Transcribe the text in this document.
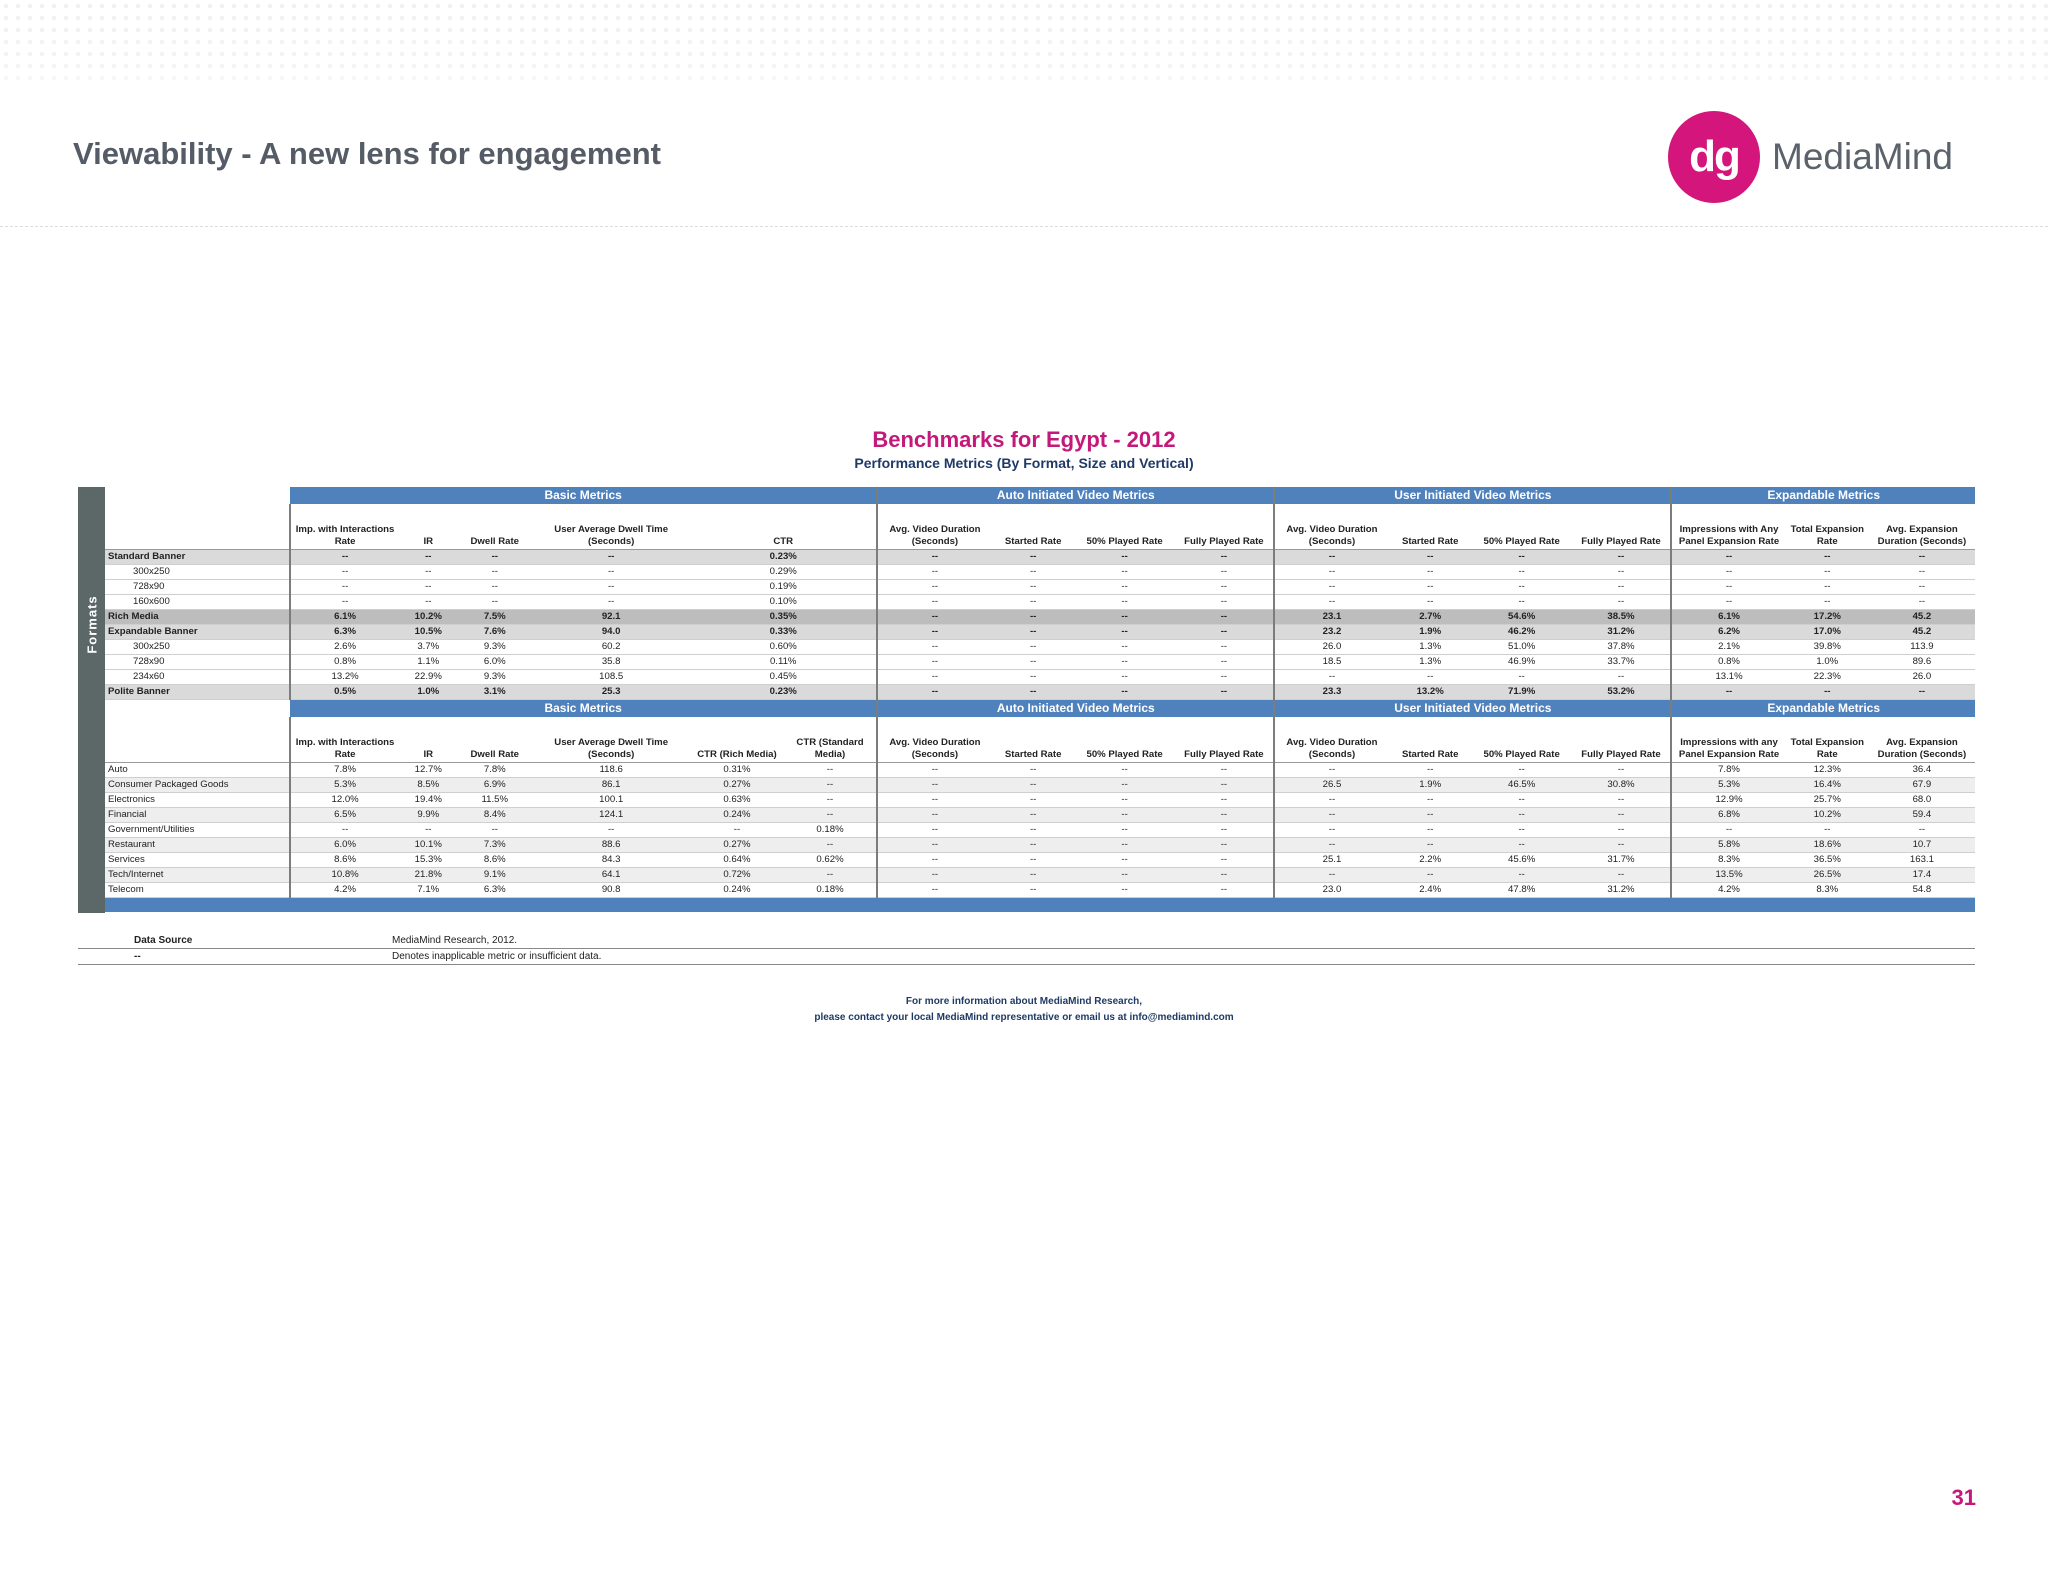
Viewability - A new lens for engagement	dg MediaMind
Benchmarks for Egypt - 2012
Performance Metrics (By Format, Size and Vertical)
Formats
	Basic Metrics						Auto Initiated Video Metrics				User Initiated Video Metrics				Expandable Metrics		
	Imp. with Interactions Rate	IR	Dwell Rate	User Average Dwell Time (Seconds)	CTR		Avg. Video Duration (Seconds)	Started Rate	50% Played Rate	Fully Played Rate	Avg. Video Duration (Seconds)	Started Rate	50% Played Rate	Fully Played Rate	Impressions with Any Panel Expansion Rate	Total Expansion Rate	Avg. Expansion Duration (Seconds)
Standard Banner	--	--	--	--	0.23%		--	--	--	--	--	--	--	--	--	--	--
300x250	--	--	--	--	0.29%		--	--	--	--	--	--	--	--	--	--	--
728x90	--	--	--	--	0.19%		--	--	--	--	--	--	--	--	--	--	--
160x600	--	--	--	--	0.10%		--	--	--	--	--	--	--	--	--	--	--
Rich Media	6.1%	10.2%	7.5%	92.1	0.35%		--	--	--	--	23.1	2.7%	54.6%	38.5%	6.1%	17.2%	45.2
Expandable Banner	6.3%	10.5%	7.6%	94.0	0.33%		--	--	--	--	23.2	1.9%	46.2%	31.2%	6.2%	17.0%	45.2
300x250	2.6%	3.7%	9.3%	60.2	0.60%		--	--	--	--	26.0	1.3%	51.0%	37.8%	2.1%	39.8%	113.9
728x90	0.8%	1.1%	6.0%	35.8	0.11%		--	--	--	--	18.5	1.3%	46.9%	33.7%	0.8%	1.0%	89.6
234x60	13.2%	22.9%	9.3%	108.5	0.45%		--	--	--	--	--	--	--	--	13.1%	22.3%	26.0
Polite Banner	0.5%	1.0%	3.1%	25.3	0.23%		--	--	--	--	23.3	13.2%	71.9%	53.2%	--	--	--
	Basic Metrics						Auto Initiated Video Metrics				User Initiated Video Metrics				Expandable Metrics		
	Imp. with Interactions Rate	IR	Dwell Rate	User Average Dwell Time (Seconds)	CTR (Rich Media)	CTR (Standard Media)	Avg. Video Duration (Seconds)	Started Rate	50% Played Rate	Fully Played Rate	Avg. Video Duration (Seconds)	Started Rate	50% Played Rate	Fully Played Rate	Impressions with any Panel Expansion Rate	Total Expansion Rate	Avg. Expansion Duration (Seconds)
Auto	7.8%	12.7%	7.8%	118.6	0.31%	--	--	--	--	--	--	--	--	--	7.8%	12.3%	36.4
Consumer Packaged Goods	5.3%	8.5%	6.9%	86.1	0.27%	--	--	--	--	--	26.5	1.9%	46.5%	30.8%	5.3%	16.4%	67.9
Electronics	12.0%	19.4%	11.5%	100.1	0.63%	--	--	--	--	--	--	--	--	--	12.9%	25.7%	68.0
Financial	6.5%	9.9%	8.4%	124.1	0.24%	--	--	--	--	--	--	--	--	--	6.8%	10.2%	59.4
Government/Utilities	--	--	--	--	--	0.18%	--	--	--	--	--	--	--	--	--	--	--
Restaurant	6.0%	10.1%	7.3%	88.6	0.27%	--	--	--	--	--	--	--	--	--	5.8%	18.6%	10.7
Services	8.6%	15.3%	8.6%	84.3	0.64%	0.62%	--	--	--	--	25.1	2.2%	45.6%	31.7%	8.3%	36.5%	163.1
Tech/Internet	10.8%	21.8%	9.1%	64.1	0.72%	--	--	--	--	--	--	--	--	--	13.5%	26.5%	17.4
Telecom	4.2%	7.1%	6.3%	90.8	0.24%	0.18%	--	--	--	--	23.0	2.4%	47.8%	31.2%	4.2%	8.3%	54.8

Data Source	MediaMind Research, 2012.
--	Denotes inapplicable metric or insufficient data.
For more information about MediaMind Research,
please contact your local MediaMind representative or email us at info@mediamind.com
31
